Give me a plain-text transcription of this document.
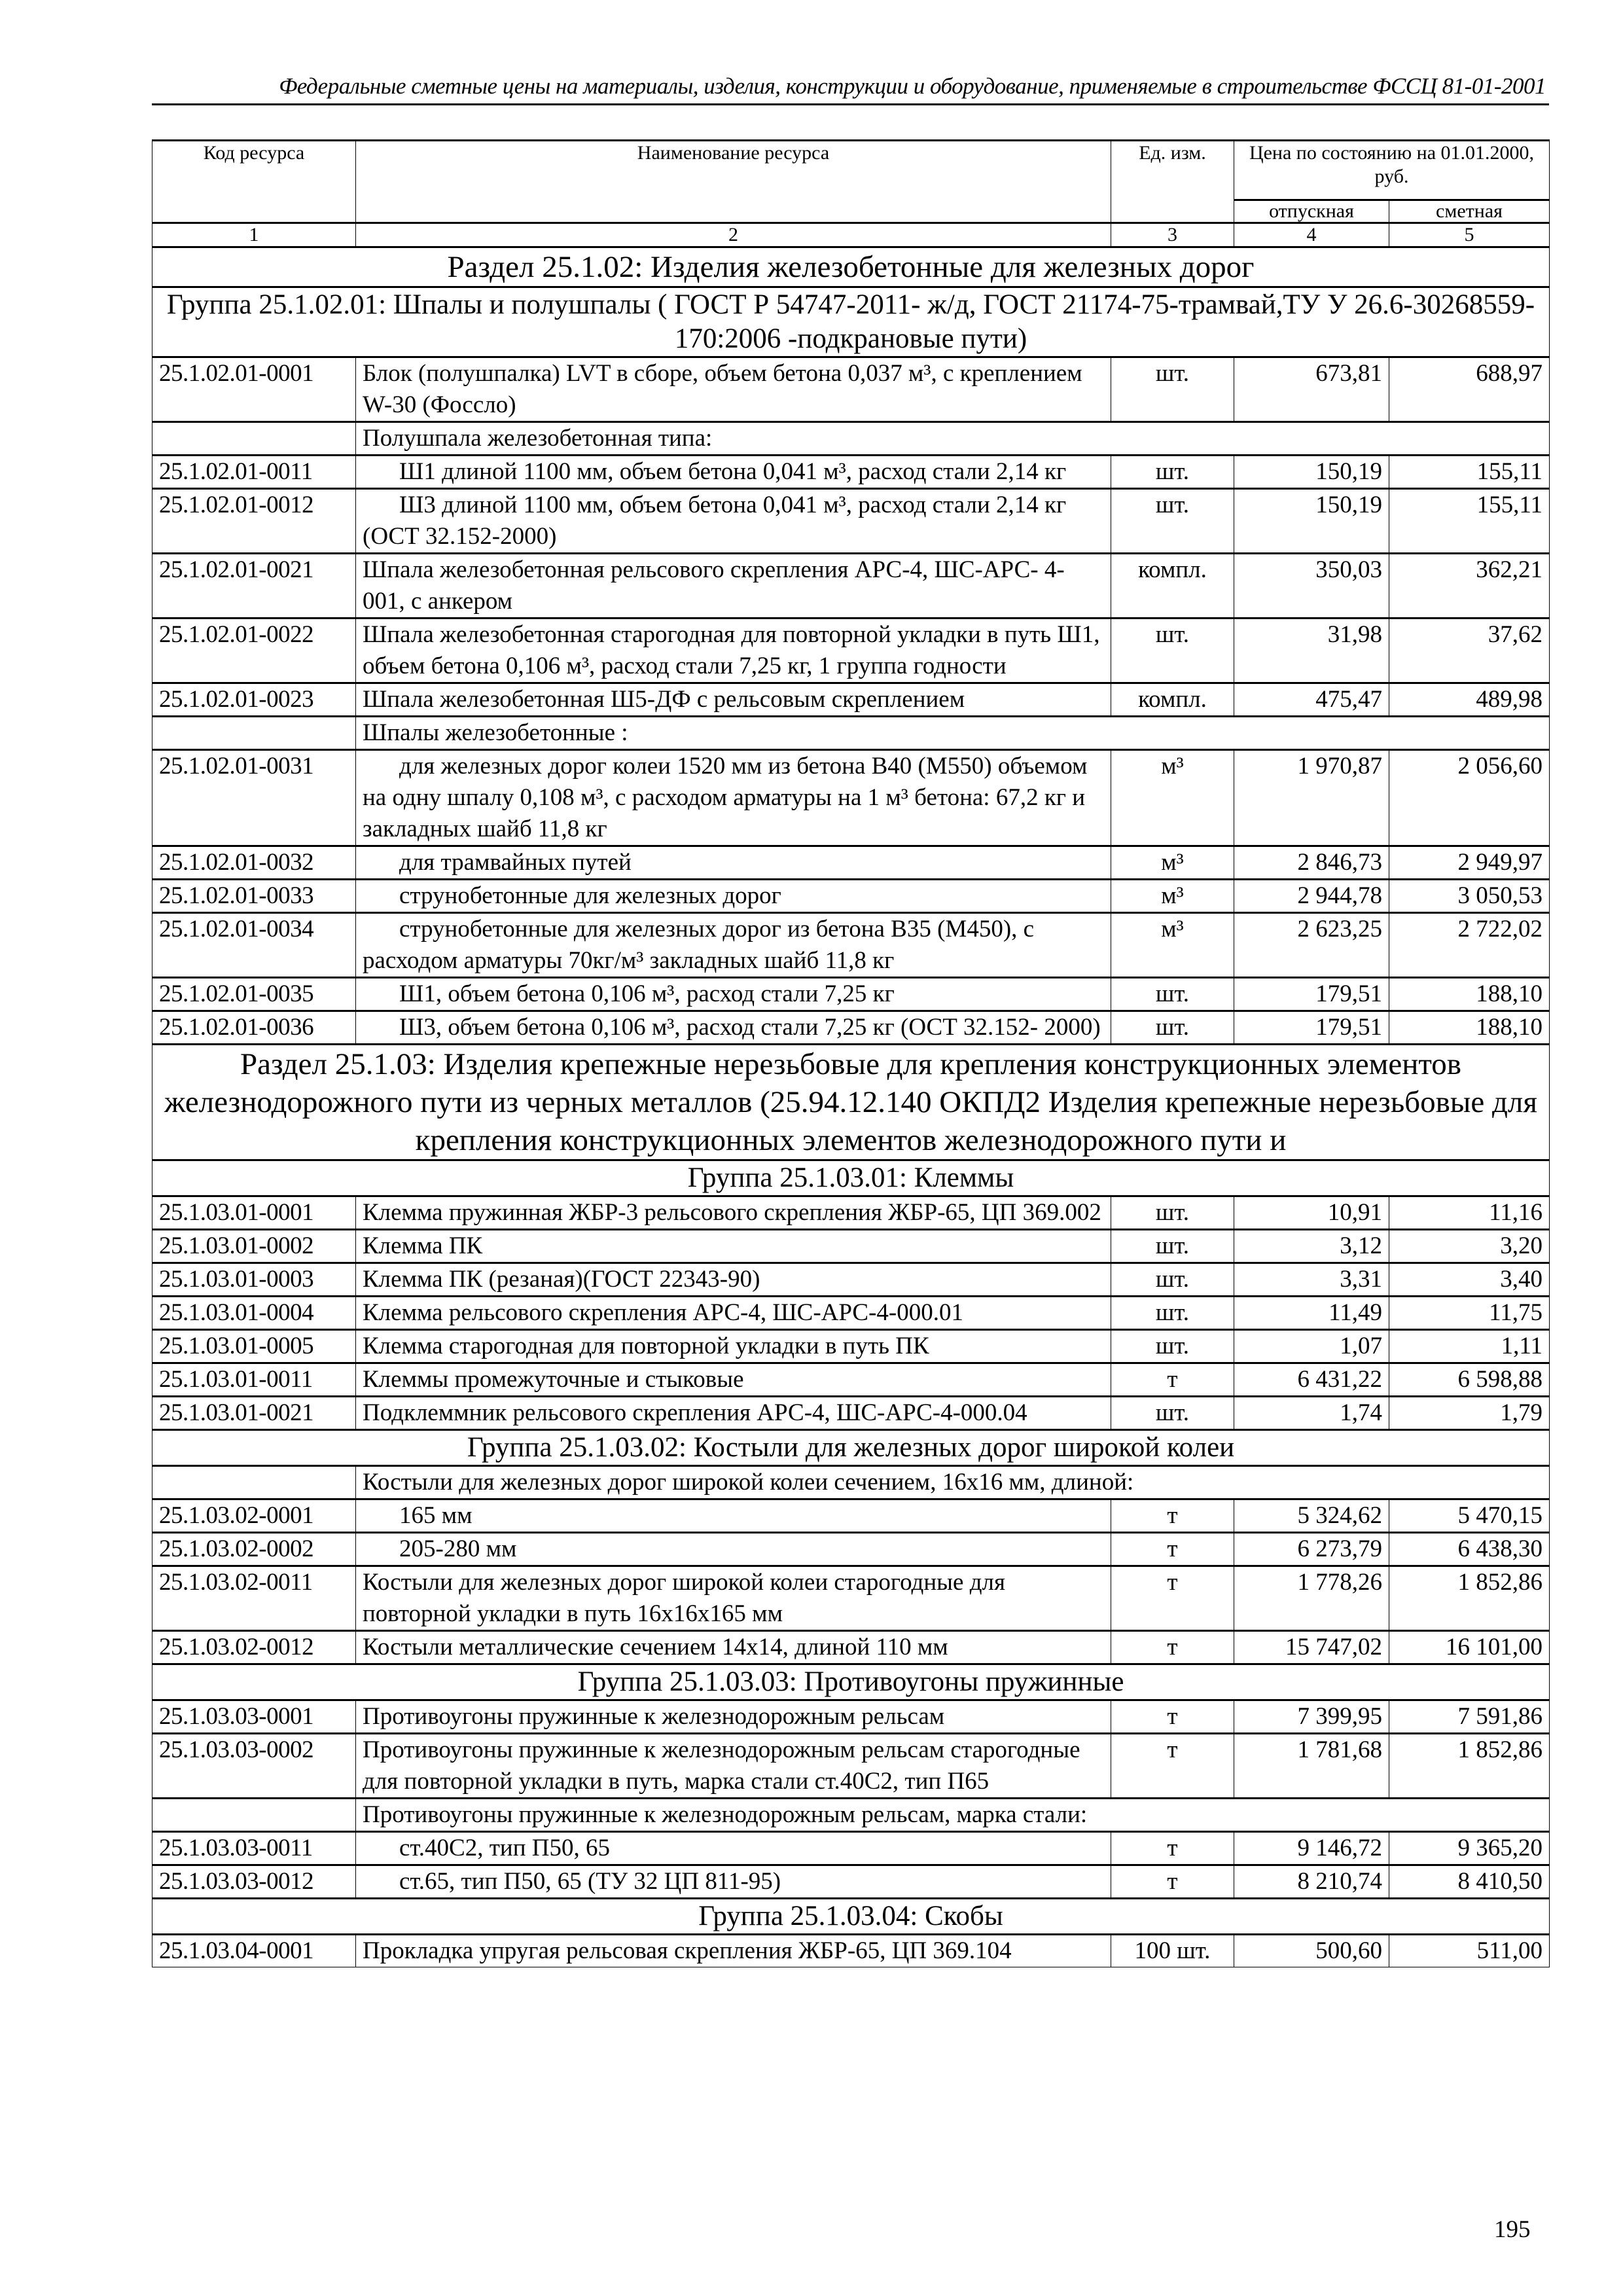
Федеральные сметные цены на материалы, изделия, конструкции и оборудование, применяемые в строительстве ФССЦ 81-01-2001
Код ресурса	Наименование ресурса	Ед. изм.	Цена по состоянию на 01.01.2000, руб.	
			отпускная	сметная
1	2	3	4	5
Раздел 25.1.02: Изделия железобетонные для железных дорог				
Группа 25.1.02.01: Шпалы и полушпалы ( ГОСТ Р 54747-2011- ж/д, ГОСТ 21174-75-трамвай,ТУ У 26.6-30268559-170:2006 -подкрановые пути)				
25.1.02.01-0001	Блок (полушпалка) LVT в сборе, объем бетона 0,037 м³, с креплением W-30 (Фоссло)	шт.	673,81	688,97
	Полушпала железобетонная типа:			
25.1.02.01-0011	Ш1 длиной 1100 мм, объем бетона 0,041 м³, расход стали 2,14 кг	шт.	150,19	155,11
25.1.02.01-0012	Ш3 длиной 1100 мм, объем бетона 0,041 м³, расход стали 2,14 кг (ОСТ 32.152-2000)	шт.	150,19	155,11
25.1.02.01-0021	Шпала железобетонная рельсового скрепления АРС-4, ШС-АРС- 4-001, с анкером	компл.	350,03	362,21
25.1.02.01-0022	Шпала железобетонная старогодная для повторной укладки в путь Ш1, объем бетона 0,106 м³, расход стали 7,25 кг, 1 группа годности	шт.	31,98	37,62
25.1.02.01-0023	Шпала железобетонная Ш5-ДФ с рельсовым скреплением	компл.	475,47	489,98
	Шпалы железобетонные :			
25.1.02.01-0031	для железных дорог колеи 1520 мм из бетона В40 (М550) объемом на одну шпалу 0,108 м³, с расходом арматуры на 1 м³ бетона: 67,2 кг и закладных шайб 11,8 кг	м³	1 970,87	2 056,60
25.1.02.01-0032	для трамвайных путей	м³	2 846,73	2 949,97
25.1.02.01-0033	струнобетонные для железных дорог	м³	2 944,78	3 050,53
25.1.02.01-0034	струнобетонные для железных дорог из бетона В35 (М450), с расходом арматуры 70кг/м³ закладных шайб 11,8 кг	м³	2 623,25	2 722,02
25.1.02.01-0035	Ш1, объем бетона 0,106 м³, расход стали 7,25 кг	шт.	179,51	188,10
25.1.02.01-0036	Ш3, объем бетона 0,106 м³, расход стали 7,25 кг (ОСТ 32.152- 2000)	шт.	179,51	188,10
Раздел 25.1.03: Изделия крепежные нерезьбовые для крепления конструкционных элементов железнодорожного пути из черных металлов (25.94.12.140 ОКПД2 Изделия крепежные нерезьбовые для крепления конструкционных элементов железнодорожного пути и				
Группа 25.1.03.01: Клеммы				
25.1.03.01-0001	Клемма пружинная ЖБР-3 рельсового скрепления ЖБР-65, ЦП 369.002	шт.	10,91	11,16
25.1.03.01-0002	Клемма ПК	шт.	3,12	3,20
25.1.03.01-0003	Клемма ПК (резаная)(ГОСТ 22343-90)	шт.	3,31	3,40
25.1.03.01-0004	Клемма рельсового скрепления АРС-4, ШС-АРС-4-000.01	шт.	11,49	11,75
25.1.03.01-0005	Клемма старогодная для повторной укладки в путь ПК	шт.	1,07	1,11
25.1.03.01-0011	Клеммы промежуточные и стыковые	т	6 431,22	6 598,88
25.1.03.01-0021	Подклеммник рельсового скрепления АРС-4, ШС-АРС-4-000.04	шт.	1,74	1,79
Группа 25.1.03.02: Костыли для железных дорог широкой колеи				
	Костыли для железных дорог широкой колеи сечением, 16х16 мм, длиной:			
25.1.03.02-0001	165 мм	т	5 324,62	5 470,15
25.1.03.02-0002	205-280 мм	т	6 273,79	6 438,30
25.1.03.02-0011	Костыли для железных дорог широкой колеи старогодные для повторной укладки в путь 16х16х165 мм	т	1 778,26	1 852,86
25.1.03.02-0012	Костыли металлические сечением 14х14, длиной 110 мм	т	15 747,02	16 101,00
Группа 25.1.03.03: Противоугоны пружинные				
25.1.03.03-0001	Противоугоны пружинные к железнодорожным рельсам	т	7 399,95	7 591,86
25.1.03.03-0002	Противоугоны пружинные к железнодорожным рельсам старогодные для повторной укладки в путь, марка стали ст.40С2, тип П65	т	1 781,68	1 852,86
	Противоугоны пружинные к железнодорожным рельсам, марка стали:			
25.1.03.03-0011	ст.40С2, тип П50, 65	т	9 146,72	9 365,20
25.1.03.03-0012	ст.65, тип П50, 65 (ТУ 32 ЦП 811-95)	т	8 210,74	8 410,50
Группа 25.1.03.04: Скобы				
25.1.03.04-0001	Прокладка упругая рельсовая скрепления ЖБР-65, ЦП 369.104	100 шт.	500,60	511,00
195
